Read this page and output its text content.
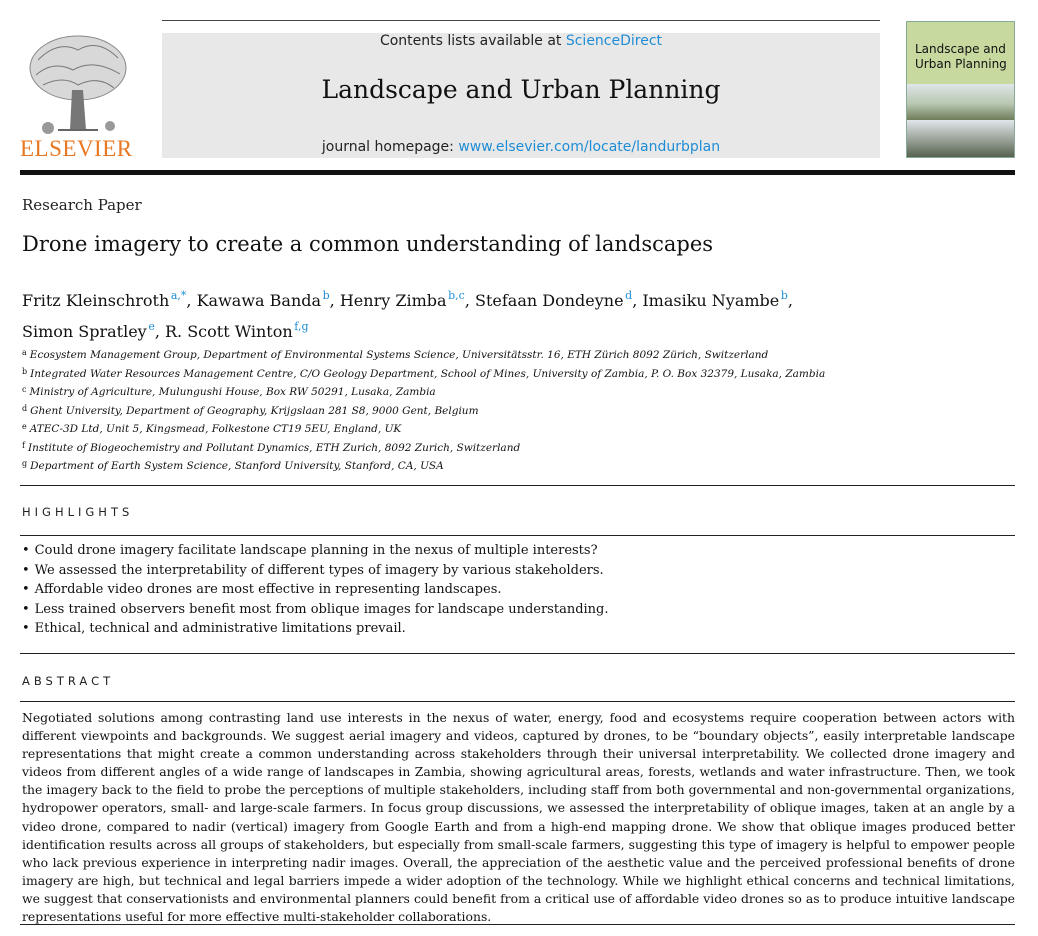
ELSEVIER
Contents lists available at ScienceDirect
Landscape and Urban Planning
journal homepage: www.elsevier.com/locate/landurbplan
Landscape and Urban Planning
Research Paper
Drone imagery to create a common understanding of landscapes
Fritz Kleinschroth  $^{a,*}$, Kawawa Banda  $^b$, Henry Zimba  $^{b,c}$, Stefaan Dondeyne  $^d$, Imasiku Nyambe  $^b$,
Simon Spratley  $^e$, R. Scott Winton  $^{f,g}$
$^a$ Ecosystem Management Group, Department of Environmental Systems Science, Universitätsstr. 16, ETH Zürich 8092 Zürich, Switzerland
$^b$ Integrated Water Resources Management Centre, C/O Geology Department, School of Mines, University of Zambia, P. O. Box 32379, Lusaka, Zambia
$^c$ Ministry of Agriculture, Mulungushi House, Box RW 50291, Lusaka, Zambia
$^d$ Ghent University, Department of Geography, Krijgslaan 281 S8, 9000 Gent, Belgium
$^e$ ATEC-3D Ltd, Unit 5, Kingsmead, Folkestone CT19 5EU, England, UK
$^f$ Institute of Biogeochemistry and Pollutant Dynamics, ETH Zurich, 8092 Zurich, Switzerland
$^g$ Department of Earth System Science, Stanford University, Stanford, CA, USA
HIGHLIGHTS
• Could drone imagery facilitate landscape planning in the nexus of multiple interests?
• We assessed the interpretability of different types of imagery by various stakeholders.
• Affordable video drones are most effective in representing landscapes.
• Less trained observers benefit most from oblique images for landscape understanding.
• Ethical, technical and administrative limitations prevail.
ABSTRACT
Negotiated solutions among contrasting land use interests in the nexus of water, energy, food and ecosystems require cooperation between actors with different viewpoints and backgrounds. We suggest aerial imagery and videos, captured by drones, to be “boundary objects”, easily interpretable landscape representations that might create a common understanding across stakeholders through their universal interpretability. We collected drone imagery and videos from different angles of a wide range of landscapes in Zambia, showing agricultural areas, forests, wetlands and water infrastructure. Then, we took the imagery back to the field to probe the perceptions of multiple stakeholders, including staff from both governmental and non-governmental organizations, hydropower operators, small- and large-scale farmers. In focus group discussions, we assessed the interpretability of oblique images, taken at an angle by a video drone, compared to nadir (vertical) imagery from Google Earth and from a high-end mapping drone. We show that oblique images produced better identification results across all groups of stakeholders, but especially from small-scale farmers, suggesting this type of imagery is helpful to empower people who lack previous experience in interpreting nadir images. Overall, the appreciation of the aesthetic value and the perceived professional benefits of drone imagery are high, but technical and legal barriers impede a wider adoption of the technology. While we highlight ethical concerns and technical limitations, we suggest that conservationists and environmental planners could benefit from a critical use of affordable video drones so as to produce intuitive landscape representations useful for more effective multi-stakeholder collaborations.
